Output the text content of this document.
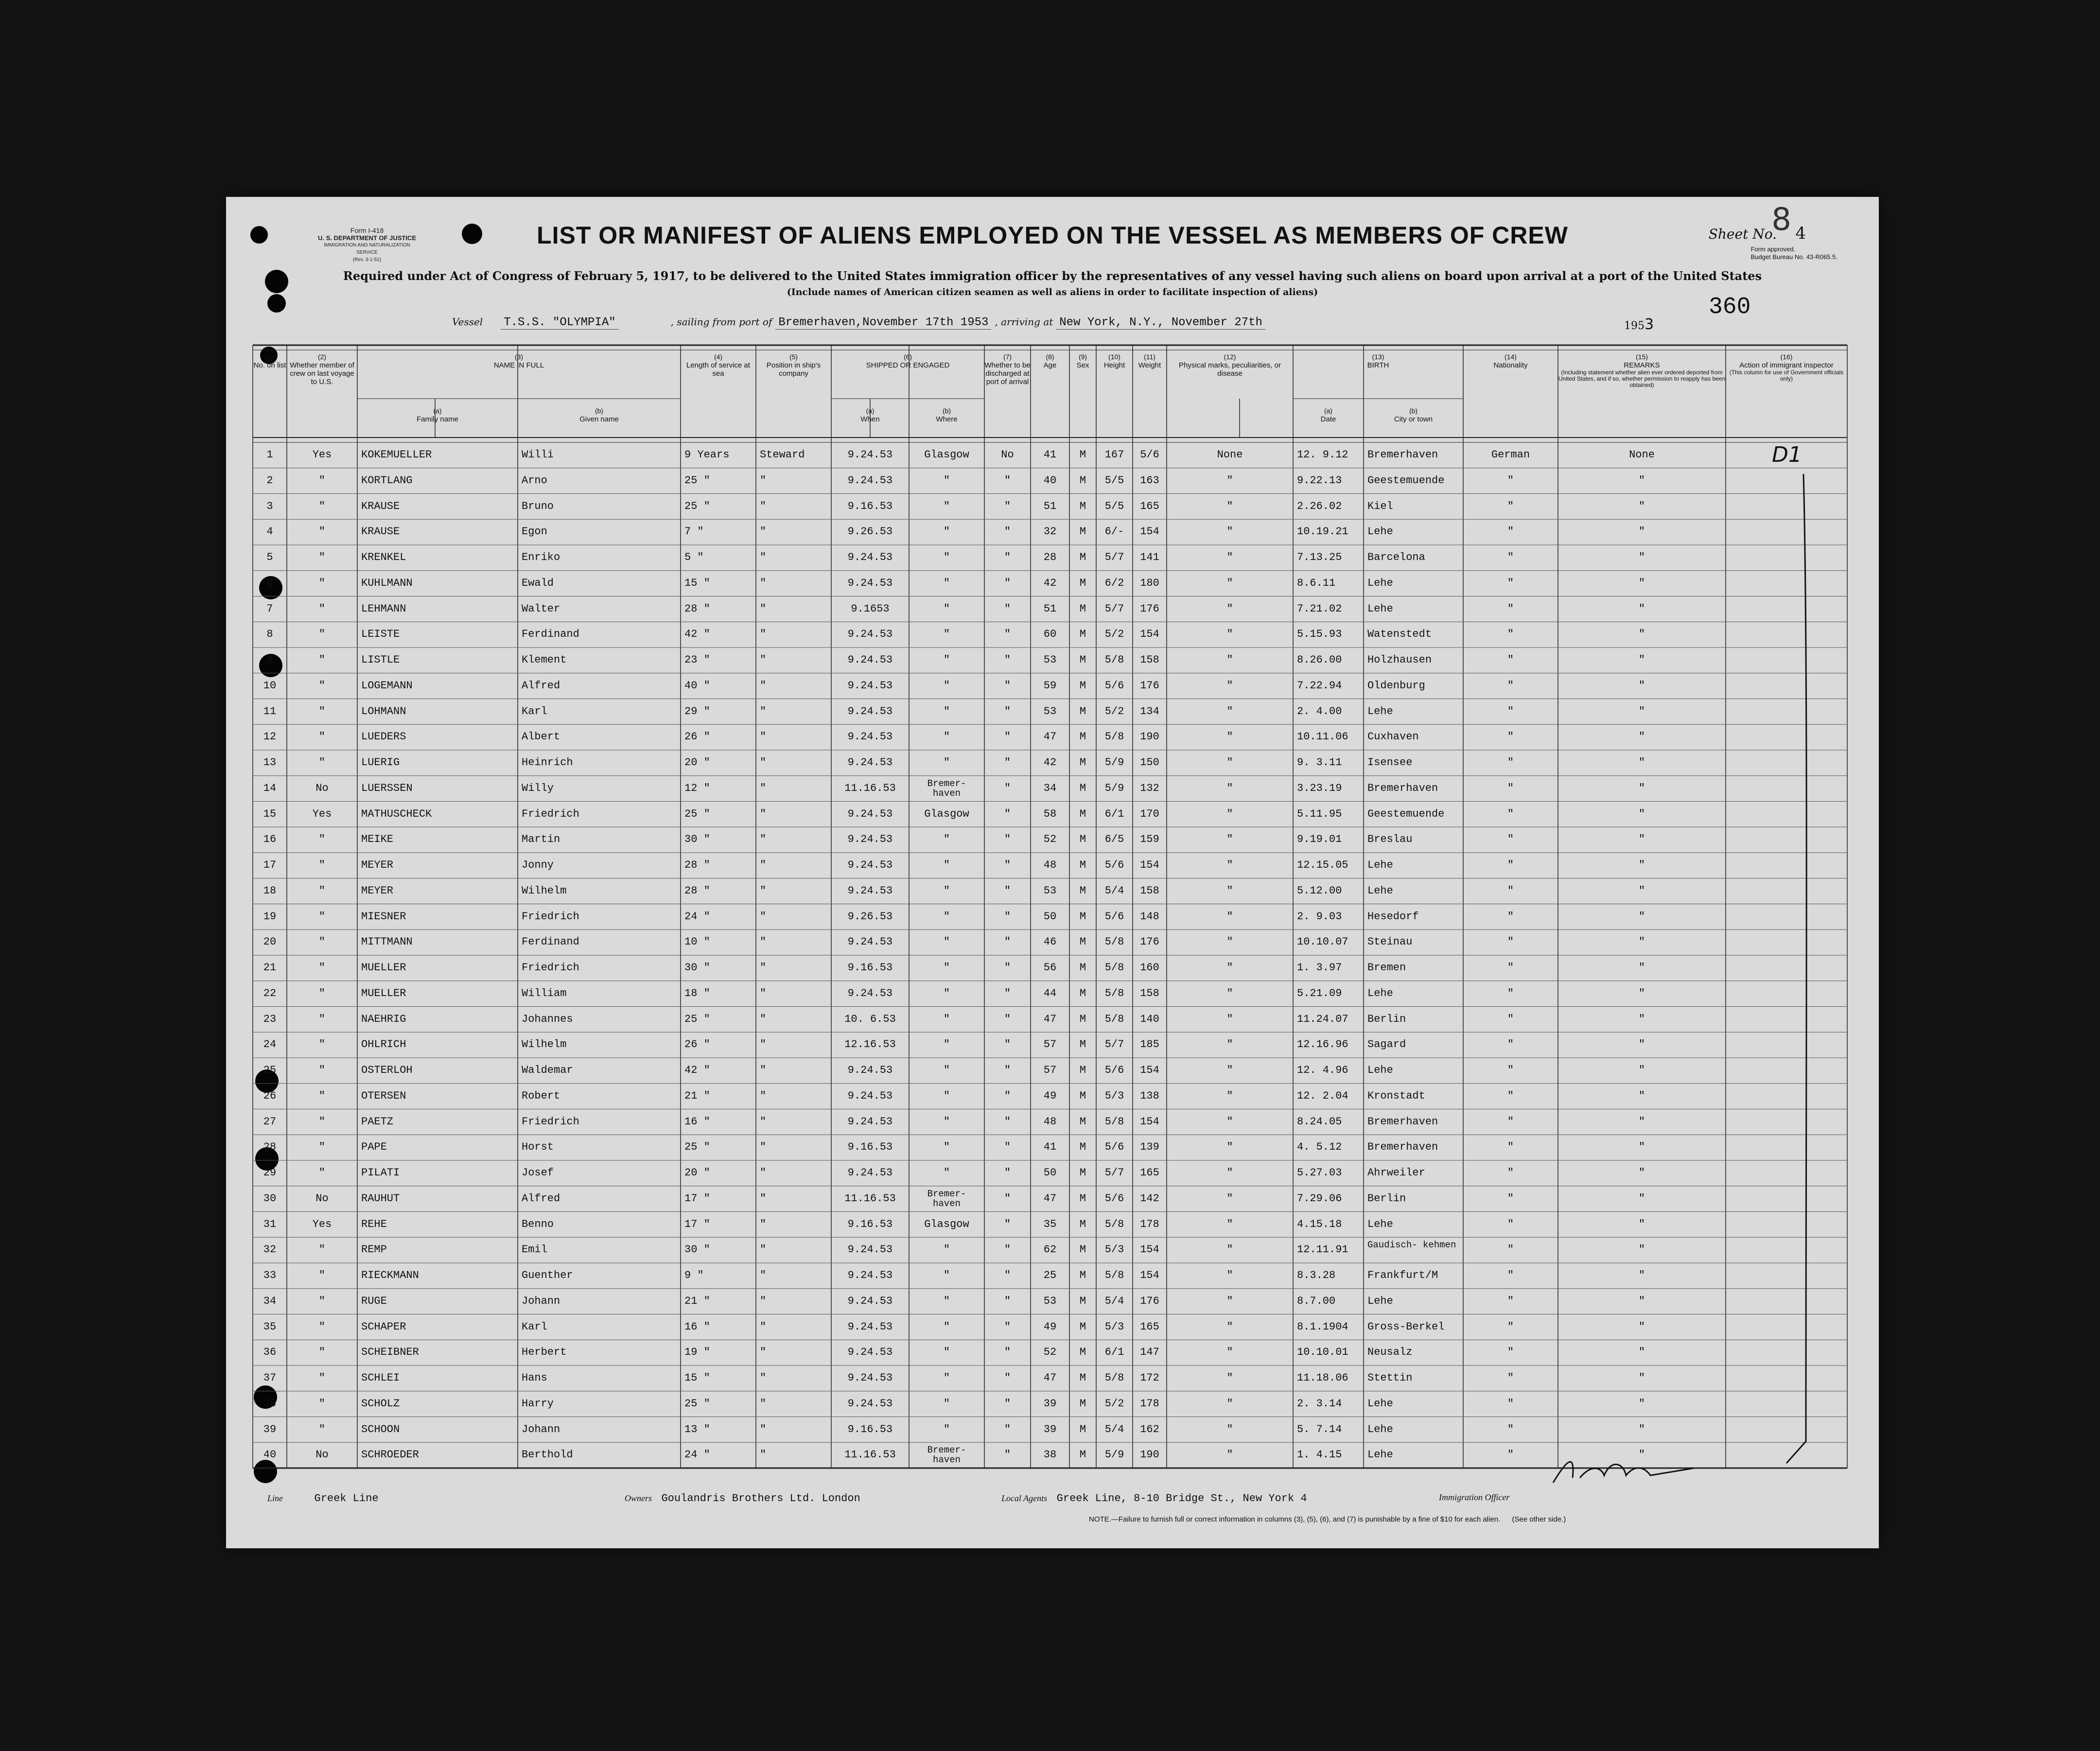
Form I-418
U. S. DEPARTMENT OF JUSTICE
IMMIGRATION AND NATURALIZATION SERVICE
(Rev. 3-1-51)
LIST OR MANIFEST OF ALIENS EMPLOYED ON THE VESSEL AS MEMBERS OF CREW	Sheet No. 4
8
Form approved.
Budget Bureau No. 43-R065.5.
Required under Act of Congress of February 5, 1917, to be delivered to the United States immigration officer by the representatives of any vessel having such aliens on board upon arrival at a port of the United States
(Include names of American citizen seamen as well as aliens in order to facilitate inspection of aliens)
360
Vessel T.S.S. "OLYMPIA"	, sailing from port of Bremerhaven,November 17th 1953 , arriving at New York, N.Y., November 27th	1953
(1)
No. on list
(2)
Whether member of crew on last voyage to U.S.
(3)
NAME IN FULL
(a)
Family name
(b)
Given name
(4)
Length of service at sea
(5)
Position in ship's company
(6)
SHIPPED OR ENGAGED
(a)
When
(b)
Where
(7)
Whether to be discharged at port of arrival
(8)
Age
(9)
Sex
(10)
Height
(11)
Weight
(12)
Physical marks, peculiarities, or disease
(13)
BIRTH
(a)
Date
(b)
City or town
(14)
Nationality
(15)
REMARKS
(Including statement whether alien ever ordered deported from United States, and if so, whether permission to reapply has been obtained)
(16)
Action of immigrant inspector
(This column for use of Government officials only)
1	Yes	KOKEMUELLER	Willi	9 Years	Steward	9.24.53	Glasgow	No	41	M	167	5/6	None	12. 9.12	Bremerhaven	German	None
2	"	KORTLANG	Arno	25 "	"	9.24.53	"	"	40	M	5/5	163	"	9.22.13	Geestemuende	"	"
3	"	KRAUSE	Bruno	25 "	"	9.16.53	"	"	51	M	5/5	165	"	2.26.02	Kiel	"	"
4	"	KRAUSE	Egon	7 "	"	9.26.53	"	"	32	M	6/-	154	"	10.19.21	Lehe	"	"
5	"	KRENKEL	Enriko	5 "	"	9.24.53	"	"	28	M	5/7	141	"	7.13.25	Barcelona	"	"
6	"	KUHLMANN	Ewald	15 "	"	9.24.53	"	"	42	M	6/2	180	"	8.6.11	Lehe	"	"
7	"	LEHMANN	Walter	28 "	"	9.1653	"	"	51	M	5/7	176	"	7.21.02	Lehe	"	"
8	"	LEISTE	Ferdinand	42 "	"	9.24.53	"	"	60	M	5/2	154	"	5.15.93	Watenstedt	"	"
9	"	LISTLE	Klement	23 "	"	9.24.53	"	"	53	M	5/8	158	"	8.26.00	Holzhausen	"	"
10	"	LOGEMANN	Alfred	40 "	"	9.24.53	"	"	59	M	5/6	176	"	7.22.94	Oldenburg	"	"
11	"	LOHMANN	Karl	29 "	"	9.24.53	"	"	53	M	5/2	134	"	2. 4.00	Lehe	"	"
12	"	LUEDERS	Albert	26 "	"	9.24.53	"	"	47	M	5/8	190	"	10.11.06	Cuxhaven	"	"
13	"	LUERIG	Heinrich	20 "	"	9.24.53	"	"	42	M	5/9	150	"	9. 3.11	Isensee	"	"
14	No	LUERSSEN	Willy	12 "	"	11.16.53	Bremer- haven	"	34	M	5/9	132	"	3.23.19	Bremerhaven	"	"
15	Yes	MATHUSCHECK	Friedrich	25 "	"	9.24.53	Glasgow	"	58	M	6/1	170	"	5.11.95	Geestemuende	"	"
16	"	MEIKE	Martin	30 "	"	9.24.53	"	"	52	M	6/5	159	"	9.19.01	Breslau	"	"
17	"	MEYER	Jonny	28 "	"	9.24.53	"	"	48	M	5/6	154	"	12.15.05	Lehe	"	"
18	"	MEYER	Wilhelm	28 "	"	9.24.53	"	"	53	M	5/4	158	"	5.12.00	Lehe	"	"
19	"	MIESNER	Friedrich	24 "	"	9.26.53	"	"	50	M	5/6	148	"	2. 9.03	Hesedorf	"	"
20	"	MITTMANN	Ferdinand	10 "	"	9.24.53	"	"	46	M	5/8	176	"	10.10.07	Steinau	"	"
21	"	MUELLER	Friedrich	30 "	"	9.16.53	"	"	56	M	5/8	160	"	1. 3.97	Bremen	"	"
22	"	MUELLER	William	18 "	"	9.24.53	"	"	44	M	5/8	158	"	5.21.09	Lehe	"	"
23	"	NAEHRIG	Johannes	25 "	"	10. 6.53	"	"	47	M	5/8	140	"	11.24.07	Berlin	"	"
24	"	OHLRICH	Wilhelm	26 "	"	12.16.53	"	"	57	M	5/7	185	"	12.16.96	Sagard	"	"
25	"	OSTERLOH	Waldemar	42 "	"	9.24.53	"	"	57	M	5/6	154	"	12. 4.96	Lehe	"	"
26	"	OTERSEN	Robert	21 "	"	9.24.53	"	"	49	M	5/3	138	"	12. 2.04	Kronstadt	"	"
27	"	PAETZ	Friedrich	16 "	"	9.24.53	"	"	48	M	5/8	154	"	8.24.05	Bremerhaven	"	"
28	"	PAPE	Horst	25 "	"	9.16.53	"	"	41	M	5/6	139	"	4. 5.12	Bremerhaven	"	"
29	"	PILATI	Josef	20 "	"	9.24.53	"	"	50	M	5/7	165	"	5.27.03	Ahrweiler	"	"
30	No	RAUHUT	Alfred	17 "	"	11.16.53	Bremer- haven	"	47	M	5/6	142	"	7.29.06	Berlin	"	"
31	Yes	REHE	Benno	17 "	"	9.16.53	Glasgow	"	35	M	5/8	178	"	4.15.18	Lehe	"	"
32	"	REMP	Emil	30 "	"	9.24.53	"	"	62	M	5/3	154	"	12.11.91	Gaudisch- kehmen	"	"
33	"	RIECKMANN	Guenther	9 "	"	9.24.53	"	"	25	M	5/8	154	"	8.3.28	Frankfurt/M	"	"
34	"	RUGE	Johann	21 "	"	9.24.53	"	"	53	M	5/4	176	"	8.7.00	Lehe	"	"
35	"	SCHAPER	Karl	16 "	"	9.24.53	"	"	49	M	5/3	165	"	8.1.1904	Gross-Berkel	"	"
36	"	SCHEIBNER	Herbert	19 "	"	9.24.53	"	"	52	M	6/1	147	"	10.10.01	Neusalz	"	"
37	"	SCHLEI	Hans	15 "	"	9.24.53	"	"	47	M	5/8	172	"	11.18.06	Stettin	"	"
38	"	SCHOLZ	Harry	25 "	"	9.24.53	"	"	39	M	5/2	178	"	2. 3.14	Lehe	"	"
39	"	SCHOON	Johann	13 "	"	9.16.53	"	"	39	M	5/4	162	"	5. 7.14	Lehe	"	"
40	No	SCHROEDER	Berthold	24 "	"	11.16.53	Bremer- haven	"	38	M	5/9	190	"	1. 4.15	Lehe	"	"
D1
Line	Greek Line	Owners Goulandris Brothers Ltd. London	Local Agents Greek Line, 8-10 Bridge St., New York 4	Immigration Officer
NOTE.—Failure to furnish full or correct information in columns (3), (5), (6), and (7) is punishable by a fine of $10 for each alien. (See other side.)
